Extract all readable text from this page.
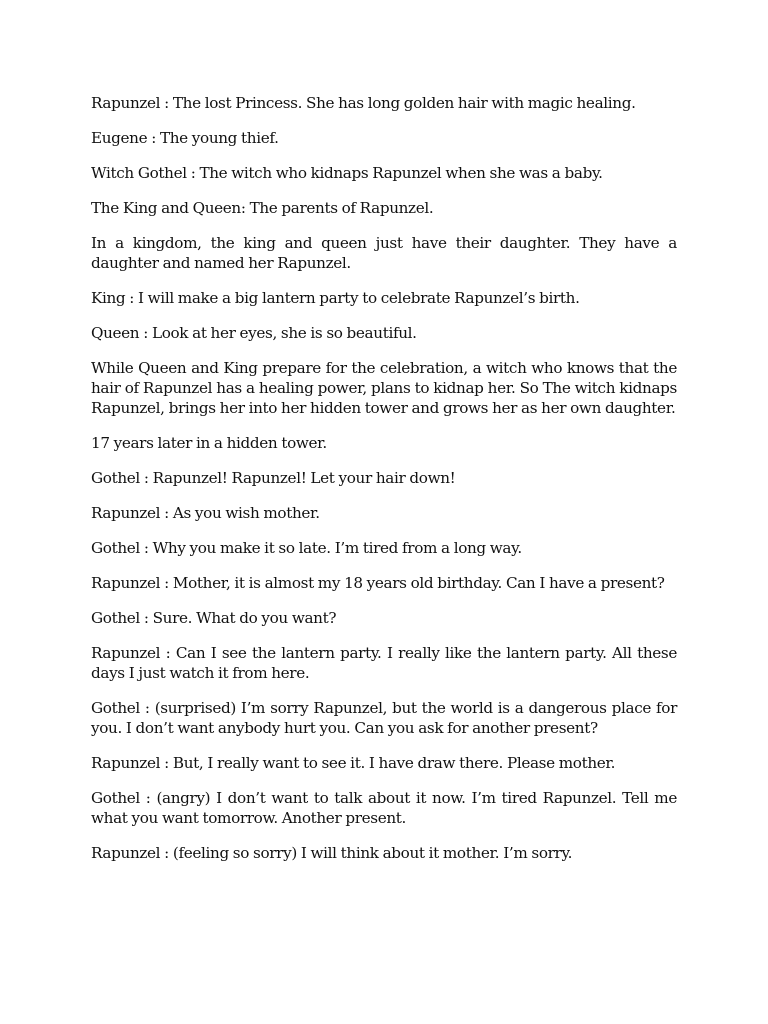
Rapunzel : The lost Princess. She has long golden hair with magic healing.

Eugene : The young thief.

Witch Gothel : The witch who kidnaps Rapunzel when she was a baby.

The King and Queen: The parents of Rapunzel.

In a kingdom, the king and queen just have their daughter. They have a daughter and named her Rapunzel.

King : I will make a big lantern party to celebrate Rapunzel’s birth.

Queen : Look at her eyes, she is so beautiful.

While Queen and King prepare for the celebration, a witch who knows that the hair of Rapunzel has a healing power, plans to kidnap her. So The witch kidnaps Rapunzel, brings her into her hidden tower and grows her as her own daughter.

17 years later in a hidden tower.

Gothel : Rapunzel! Rapunzel! Let your hair down!

Rapunzel : As you wish mother.

Gothel : Why you make it so late. I’m tired from a long way.

Rapunzel : Mother, it is almost my 18 years old birthday. Can I have a present?

Gothel : Sure. What do you want?

Rapunzel : Can I see the lantern party. I really like the lantern party. All these days I just watch it from here.

Gothel : (surprised) I’m sorry Rapunzel, but the world is a dangerous place for you. I don’t want anybody hurt you. Can you ask for another present?

Rapunzel : But, I really want to see it. I have draw there. Please mother.

Gothel : (angry) I don’t want to talk about it now. I’m tired Rapunzel. Tell me what you want tomorrow. Another present.

Rapunzel : (feeling so sorry) I will think about it mother. I’m sorry.
